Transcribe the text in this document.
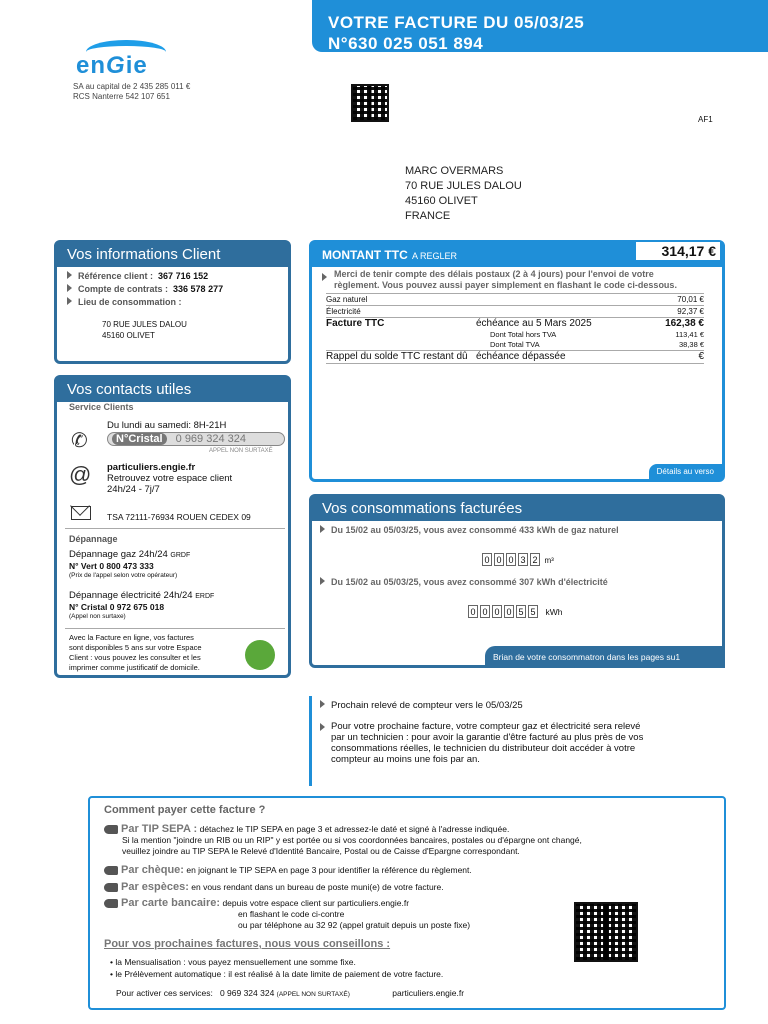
VOTRE FACTURE DU 05/03/25
N°630 025 051 894
enGie
SA au capital de 2 435 285 011 €
RCS Nanterre 542 107 651
AF1
MARC OVERMARS
70 RUE JULES DALOU
45160 OLIVET
FRANCE
Vos informations Client
Référence client : 367 716 152
Compte de contrats : 336 578 277
Lieu de consommation :
70 RUE JULES DALOU
45160 OLIVET
Vos contacts utiles
Service Clients
✆
Du lundi au samedi: 8H-21H
N°Cristal 0 969 324 324
APPEL NON SURTAXÉ
@ particuliers.engie.fr
Retrouvez votre espace client
24h/24 - 7j/7
TSA 72111-76934 ROUEN CEDEX 09
Dépannage
Dépannage gaz 24h/24 GRDF
N° Vert 0 800 473 333
(Prix de l'appel selon votre opérateur)
Dépannage électricité 24h/24 ERDF
N° Cristal 0 972 675 018
(Appel non surtaxe)
Avec la Facture en ligne, vos factures
sont disponibles 5 ans sur votre Espace
Client : vous pouvez les consulter et les
imprimer comme justificatif de domicile.
MONTANT TTC A REGLER
Merci de tenir compte des délais postaux (2 à 4 jours) pour l'envoi de votre
règlement. Vous pouvez aussi payer simplement en flashant le code ci-dessous.
Gaz naturel	70,01 €
Électricité	92,37 €
Facture TTC	échéance au 5 Mars 2025	162,38 €
Dont Total hors TVA	113,41 €
Dont Total TVA	38,38 €
Rappel du solde TTC restant dû échéance dépassée	€
Détails au verso
314,17 €
Vos consommations facturées
Du 15/02 au 05/03/25, vous avez consommé 433 kWh de gaz naturel
0 0 0 3 2 m³
Du 15/02 au 05/03/25, vous avez consommé 307 kWh d'électricité
0 0 0 0 5 5 kWh
Brian de votre consommatron dans les pages su1
Prochain relevé de compteur vers le 05/03/25
Pour votre prochaine facture, votre compteur gaz et électricité sera relevé
par un technicien : pour avoir la garantie d'être facturé au plus près de vos
consommations réelles, le technicien du distributeur doit accéder à votre
compteur au moins une fois par an.
Comment payer cette facture ?
Par TIP SEPA : détachez le TIP SEPA en page 3 et adressez-le daté et signé à l'adresse indiquée.
Si la mention "joindre un RIB ou un RIP" y est portée ou si vos coordonnées bancaires, postales ou d'épargne ont changé,
veuillez joindre au TIP SEPA le Relevé d'Identité Bancaire, Postal ou de Caisse d'Epargne correspondant.
Par chèque: en joignant le TIP SEPA en page 3 pour identifier la référence du règlement.
Par espèces: en vous rendant dans un bureau de poste muni(e) de votre facture.
Par carte bancaire: depuis votre espace client sur particuliers.engie.fr
en flashant le code ci-contre
ou par téléphone au 32 92 (appel gratuit depuis un poste fixe)
Pour vos prochaines factures, nous vous conseillons :
• la Mensualisation : vous payez mensuellement une somme fixe.
• le Prélèvement automatique : il est réalisé à la date limite de paiement de votre facture.
Pour activer ces services: 0 969 324 324 (APPEL NON SURTAXÉ)	particuliers.engie.fr
